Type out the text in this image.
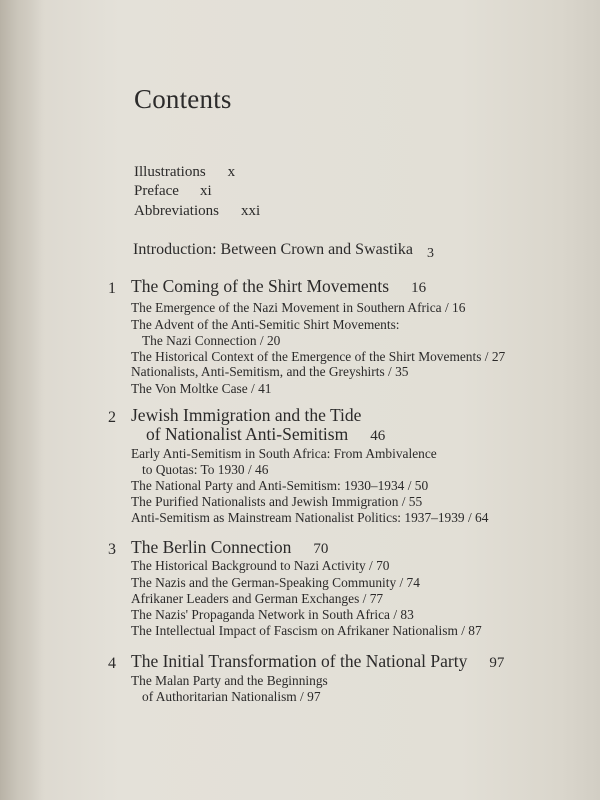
Contents
Illustrations x
Preface xi
Abbreviations xxi
Introduction: Between Crown and Swastika 3
1 The Coming of the Shirt Movements 16
The Emergence of the Nazi Movement in Southern Africa / 16
The Advent of the Anti-Semitic Shirt Movements:
The Nazi Connection / 20
The Historical Context of the Emergence of the Shirt Movements / 27
Nationalists, Anti-Semitism, and the Greyshirts / 35
The Von Moltke Case / 41
2 Jewish Immigration and the Tide
of Nationalist Anti-Semitism 46
Early Anti-Semitism in South Africa: From Ambivalence
to Quotas: To 1930 / 46
The National Party and Anti-Semitism: 1930–1934 / 50
The Purified Nationalists and Jewish Immigration / 55
Anti-Semitism as Mainstream Nationalist Politics: 1937–1939 / 64
3 The Berlin Connection 70
The Historical Background to Nazi Activity / 70
The Nazis and the German-Speaking Community / 74
Afrikaner Leaders and German Exchanges / 77
The Nazis' Propaganda Network in South Africa / 83
The Intellectual Impact of Fascism on Afrikaner Nationalism / 87
4 The Initial Transformation of the National Party 97
The Malan Party and the Beginnings
of Authoritarian Nationalism / 97
